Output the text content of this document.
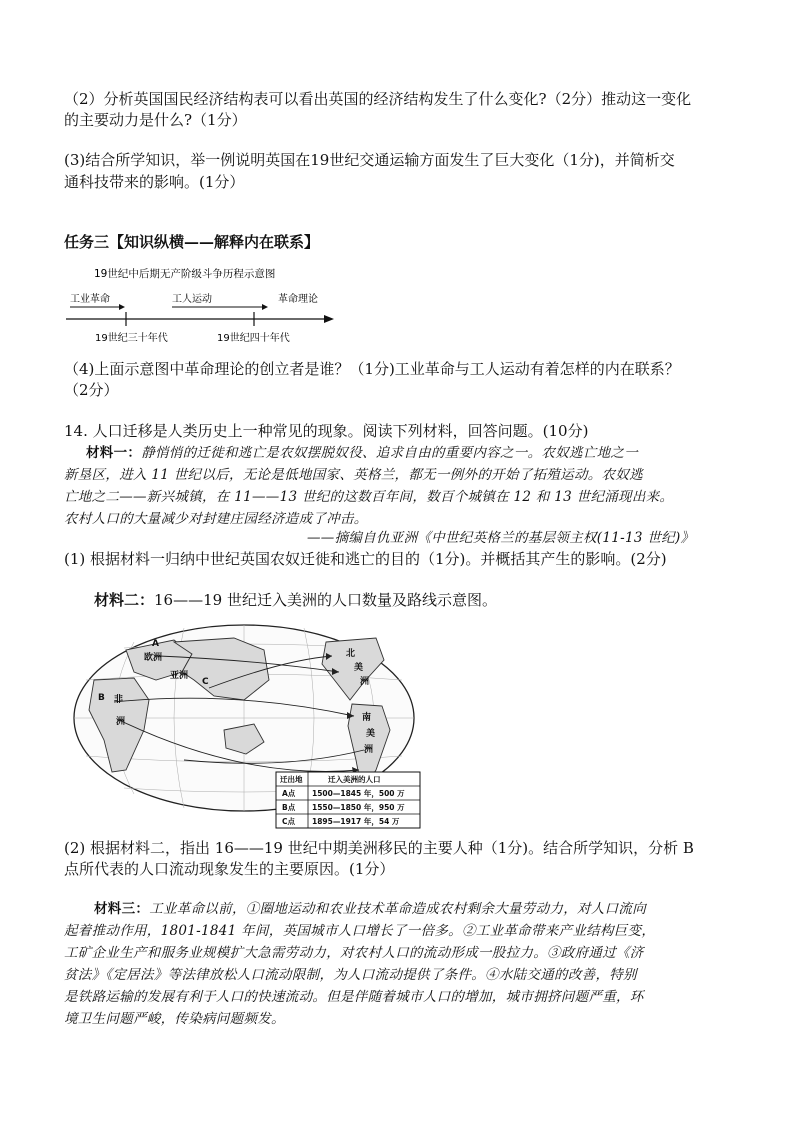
（2）分析英国国民经济结构表可以看出英国的经济结构发生了什么变化?（2分）推动这一变化
的主要动力是什么?（1分）
(3)结合所学知识，举一例说明英国在19世纪交通运输方面发生了巨大变化（1分)，并简析交
通科技带来的影响。(1分）
任务三【知识纵横——解释内在联系】
19世纪中后期无产阶级斗争历程示意图
工业革命	工人运动	革命理论
19世纪三十年代	19世纪四十年代
（4)上面示意图中革命理论的创立者是谁？（1分)工业革命与工人运动有着怎样的内在联系？
（2分）
14. 人口迁移是人类历史上一种常见的现象。阅读下列材料，回答问题。(10分)
材料一：静悄悄的迁徙和逃亡是农奴摆脱奴役、追求自由的重要内容之一。农奴逃亡地之一
新垦区，进入 11 世纪以后，无论是低地国家、英格兰，都无一例外的开始了拓殖运动。农奴逃
亡地之二——新兴城镇，在 11——13 世纪的这数百年间，数百个城镇在 12 和 13 世纪涌现出来。
农村人口的大量减少对封建庄园经济造成了冲击。
——摘编自仇亚洲《中世纪英格兰的基层领主权(11-13 世纪)》
(1) 根据材料一归纳中世纪英国农奴迁徙和逃亡的目的（1分)。并概括其产生的影响。(2分)
材料二：16——19 世纪迁入美洲的人口数量及路线示意图。
A
欧洲
亚洲
C
B 非
洲
北
美
洲
南
美
洲
迁出地	迁入美洲的人口
A点 1500—1845 年，500 万
B点 1550—1850 年，950 万
C点 1895—1917 年，54 万
(2) 根据材料二，指出 16——19 世纪中期美洲移民的主要人种（1分)。结合所学知识，分析 B
点所代表的人口流动现象发生的主要原因。(1分）
材料三：工业革命以前，①圈地运动和农业技术革命造成农村剩余大量劳动力，对人口流向
起着推动作用，1801-1841 年间，英国城市人口增长了一倍多。②工业革命带来产业结构巨变，
工矿企业生产和服务业规模扩大急需劳动力，对农村人口的流动形成一股拉力。③政府通过《济
贫法》《定居法》等法律放松人口流动限制，为人口流动提供了条件。④水陆交通的改善，特别
是铁路运输的发展有利于人口的快速流动。但是伴随着城市人口的增加，城市拥挤问题严重，环
境卫生问题严峻，传染病问题频发。
